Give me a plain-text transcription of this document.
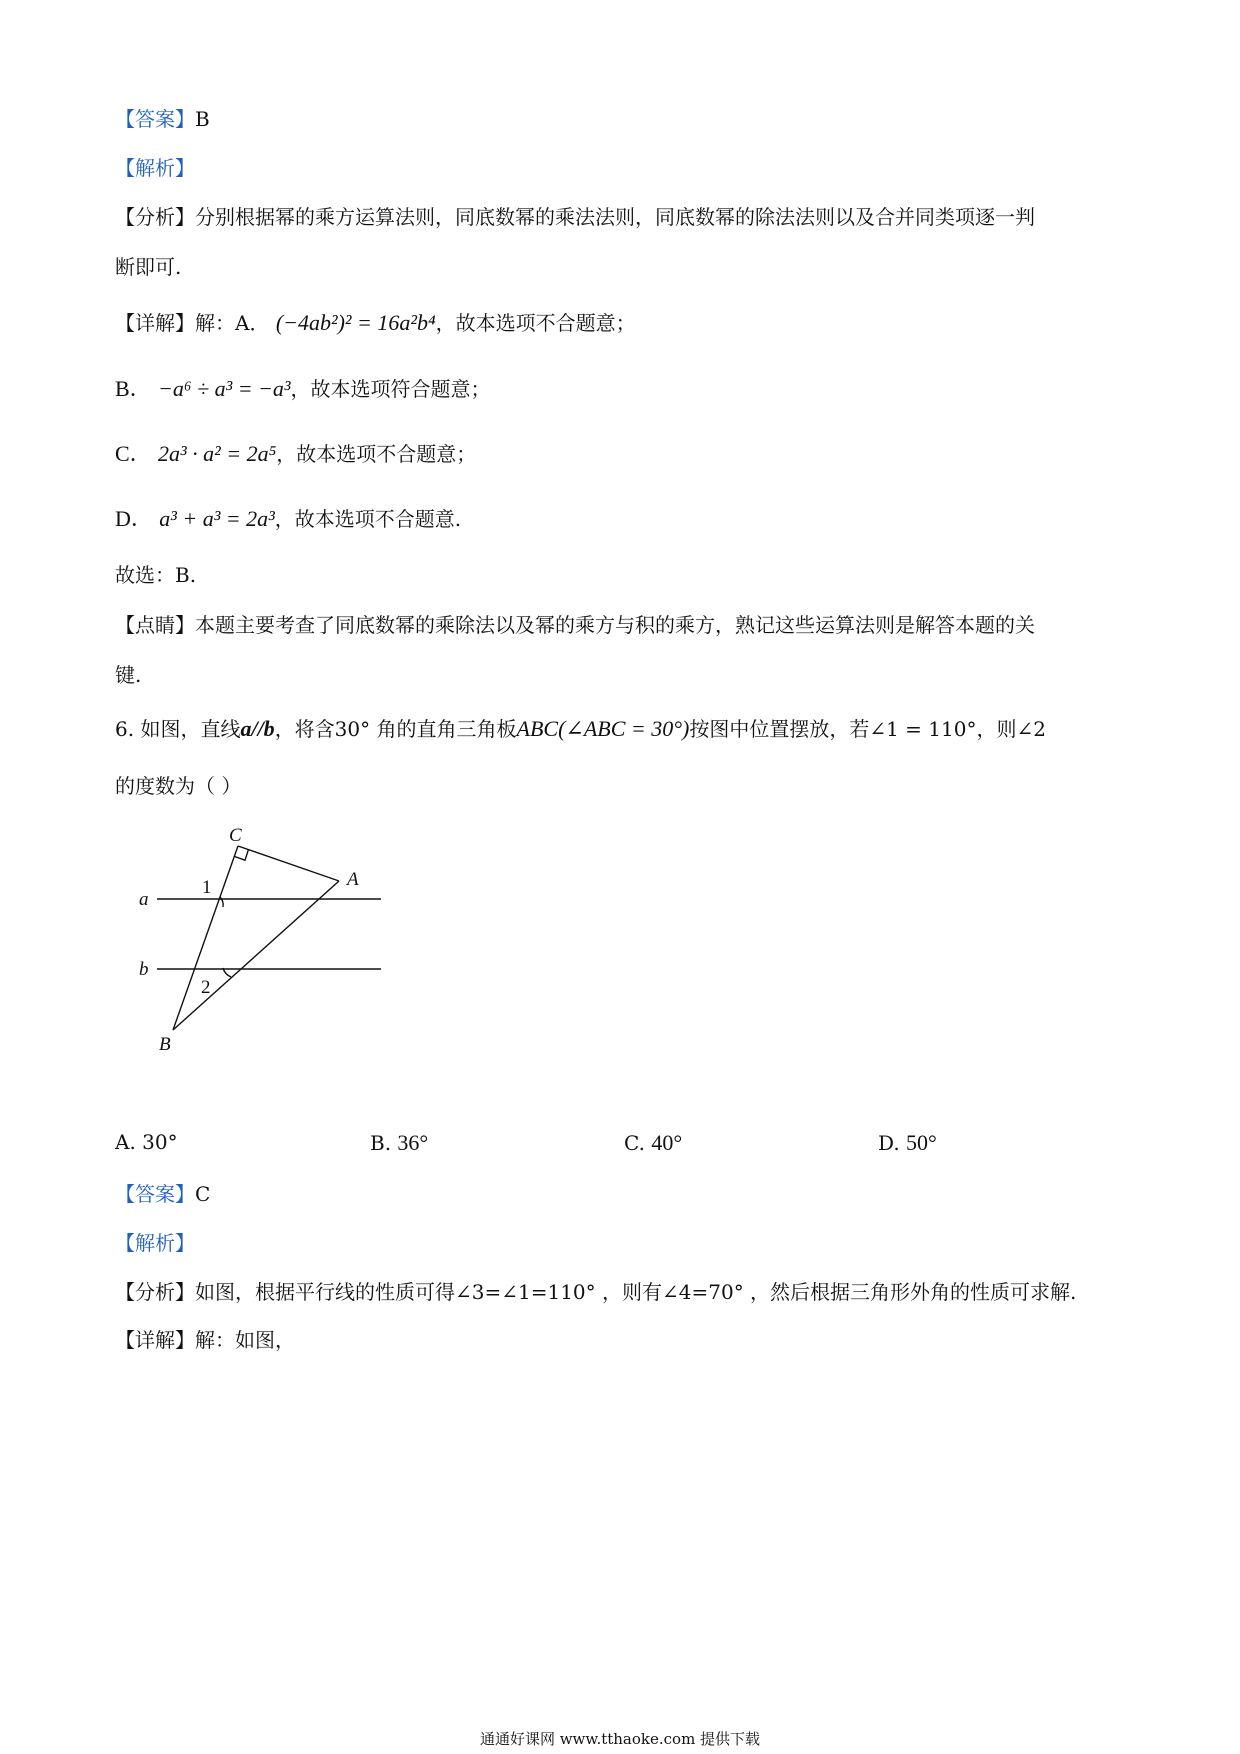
【答案】B
【解析】
【分析】分别根据幂的乘方运算法则，同底数幂的乘法法则，同底数幂的除法法则以及合并同类项逐一判
断即可.
【详解】解：A． (−4ab²)² = 16a²b⁴，故本选项不合题意；
B． −a⁶ ÷ a³ = −a³，故本选项符合题意；
C． 2a³ · a² = 2a⁵，故本选项不合题意；
D． a³ + a³ = 2a³，故本选项不合题意.
故选：B.
【点睛】本题主要考查了同底数幂的乘除法以及幂的乘方与积的乘方，熟记这些运算法则是解答本题的关
键.
6. 如图，直线a//b，将含30° 角的直角三角板ABC(∠ABC = 30°)按图中位置摆放，若∠1 = 110°，则∠2
的度数为（ ）
C
A
B
a
b
1
2
A. 30°	B. 36°	C. 40°	D. 50°
【答案】C
【解析】
【分析】如图，根据平行线的性质可得∠3=∠1=110° ，则有∠4=70° ，然后根据三角形外角的性质可求解.
【详解】解：如图，
通通好课网 www.tthaoke.com 提供下载
